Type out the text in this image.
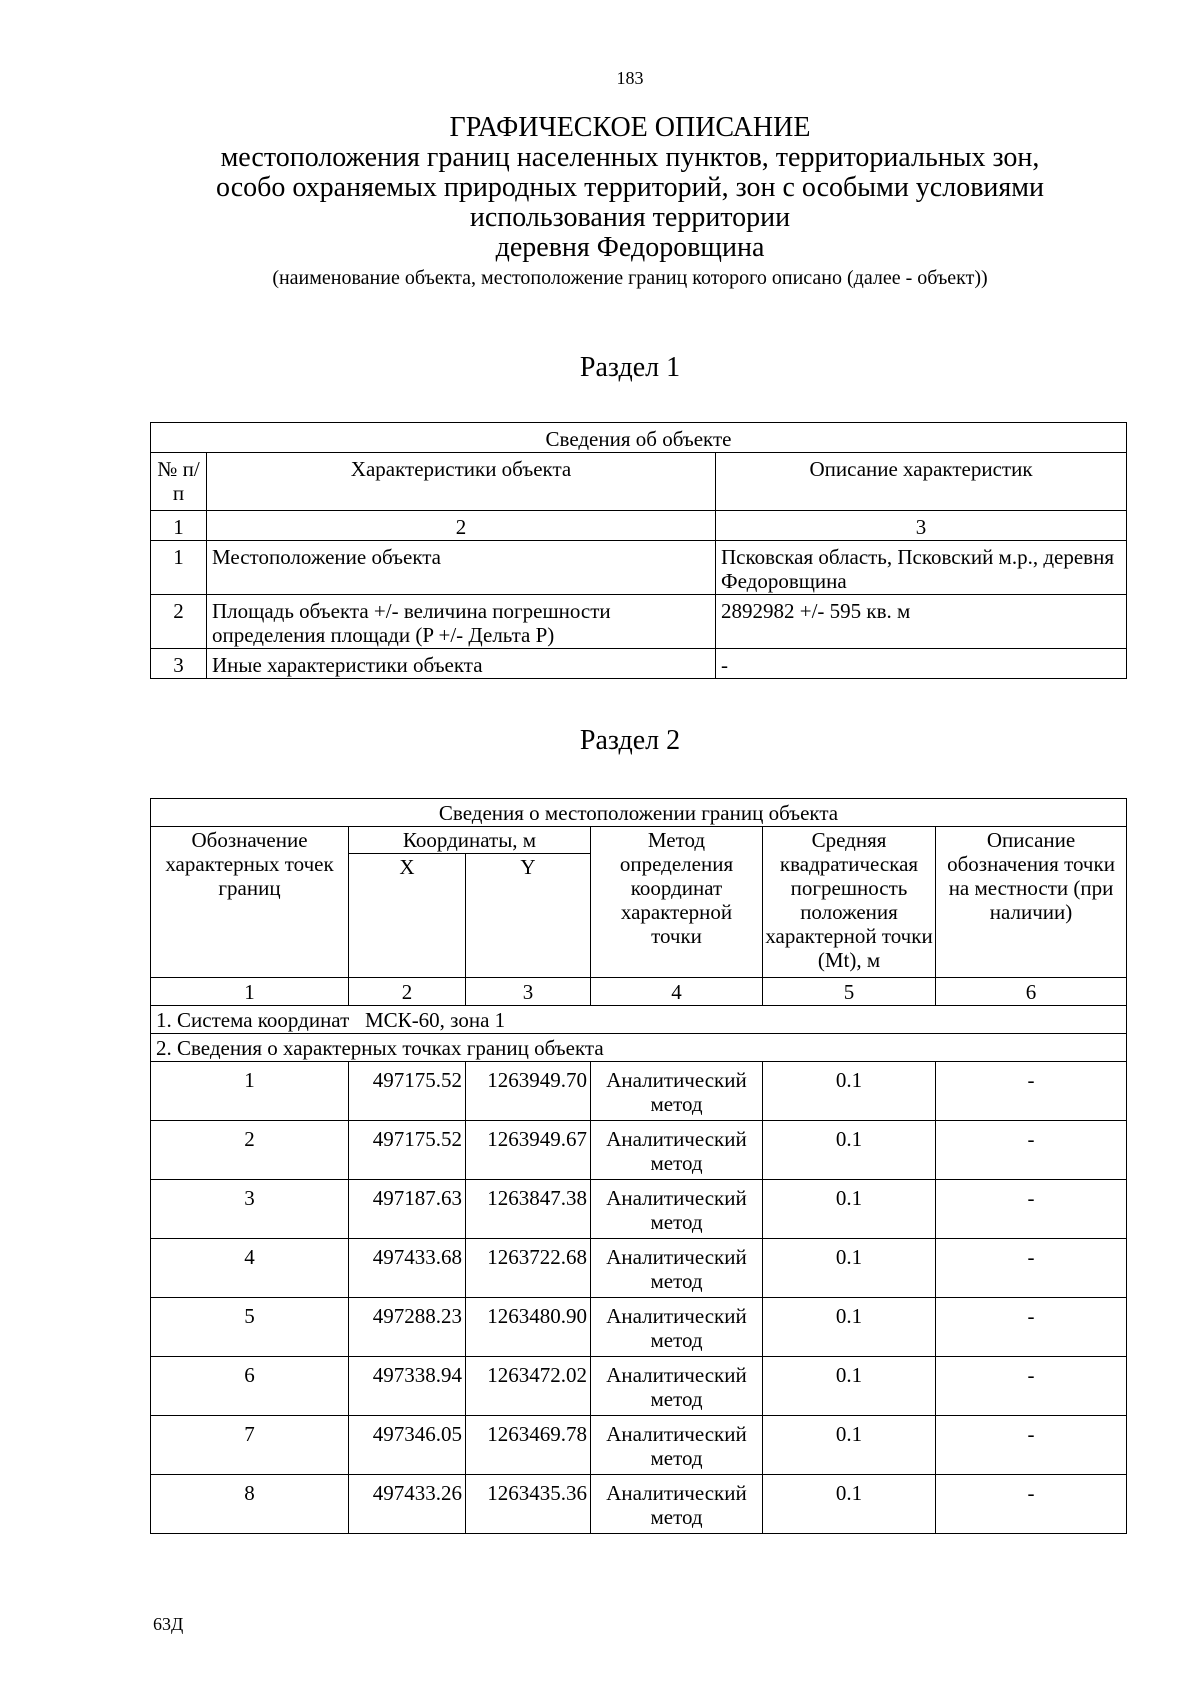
183
ГРАФИЧЕСКОЕ ОПИСАНИЕ
местоположения границ населенных пунктов, территориальных зон,
особо охраняемых природных территорий, зон с особыми условиями
использования территории
деревня Федоровщина
(наименование объекта, местоположение границ которого описано (далее - объект))
Раздел 1
Сведения об объекте		
№ п/п	Характеристики объекта	Описание характеристик
1	2	3
1	Местоположение объекта	Псковская область, Псковский м.р., деревня Федоровщина
2	Площадь объекта +/- величина погрешности определения площади (P +/- Дельта P)	2892982 +/- 595 кв. м
3	Иные характеристики объекта	-
Раздел 2
Сведения о местоположении границ объекта					
Обозначение характерных точек границ	Координаты, м		Метод определения координат характерной точки	Средняя квадратическая погрешность положения характерной точки (Mt), м	Описание обозначения точки на местности (при наличии)
	X	Y			
1	2	3	4	5	6
1. Система координат   МСК-60, зона 1					
2. Сведения о характерных точках границ объекта					
1	497175.52	1263949.70	Аналитический метод	0.1	-
2	497175.52	1263949.67	Аналитический метод	0.1	-
3	497187.63	1263847.38	Аналитический метод	0.1	-
4	497433.68	1263722.68	Аналитический метод	0.1	-
5	497288.23	1263480.90	Аналитический метод	0.1	-
6	497338.94	1263472.02	Аналитический метод	0.1	-
7	497346.05	1263469.78	Аналитический метод	0.1	-
8	497433.26	1263435.36	Аналитический метод	0.1	-
63Д
